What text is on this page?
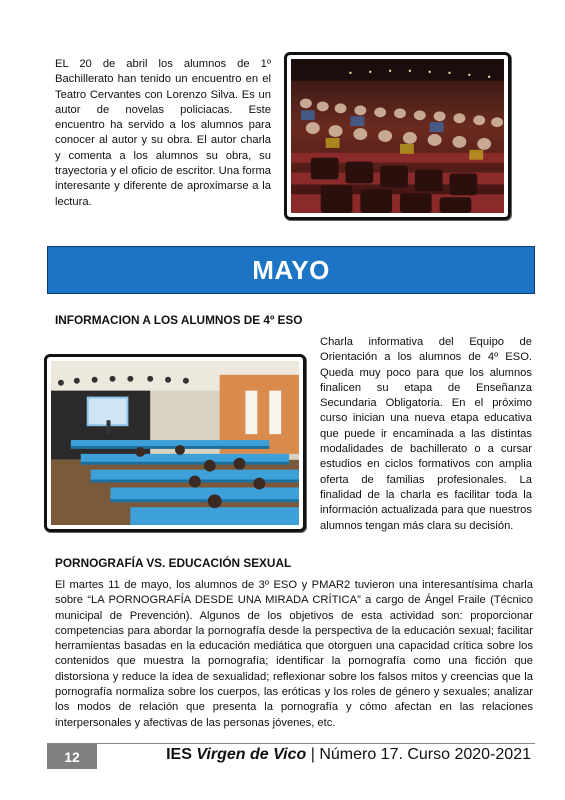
EL 20 de abril los alumnos de 1º Bachillerato han tenido un encuentro en el Teatro Cervantes con Lorenzo Silva. Es un autor de novelas policiacas. Este encuentro ha servido a los alumnos para conocer al autor y su obra. El autor charla y comenta a los alumnos su obra, su trayectoria y el oficio de escritor. Una forma interesante y diferente de aproximarse a la lectura.

MAYO

INFORMACION A LOS ALUMNOS DE 4º ESO

Charla informativa del Equipo de Orientación a los alumnos de 4º ESO. Queda muy poco para que los alumnos finalicen su etapa de Enseñanza Secundaria Obligatoria. En el próximo curso inician una nueva etapa educativa que puede ir encaminada a las distintas modalidades de bachillerato o a cursar estudios en ciclos formativos con amplia oferta de familias profesionales. La finalidad de la charla es facilitar toda la información actualizada para que nuestros alumnos tengan más clara su decisión.

PORNOGRAFÍA VS. EDUCACIÓN SEXUAL

El martes 11 de mayo, los alumnos de 3º ESO y PMAR2 tuvieron una interesantísima charla sobre “LA PORNOGRAFÍA DESDE UNA MIRADA CRÍTICA” a cargo de Ángel Fraile (Técnico municipal de Prevención). Algunos de los objetivos de esta actividad son: proporcionar competencias para abordar la pornografía desde la perspectiva de la educación sexual; facilitar herramientas basadas en la educación mediática que otorguen una capacidad crítica sobre los contenidos que muestra la pornografía; identificar la pornografía como una ficción que distorsiona y reduce la idea de sexualidad; reflexionar sobre los falsos mitos y creencias que la pornografía normaliza sobre los cuerpos, las eróticas y los roles de género y sexuales; analizar los modos de relación que presenta la pornografía y cómo afectan en las relaciones interpersonales y afectivas de las personas jóvenes, etc.

12	IES Virgen de Vico | Número 17. Curso 2020-2021
